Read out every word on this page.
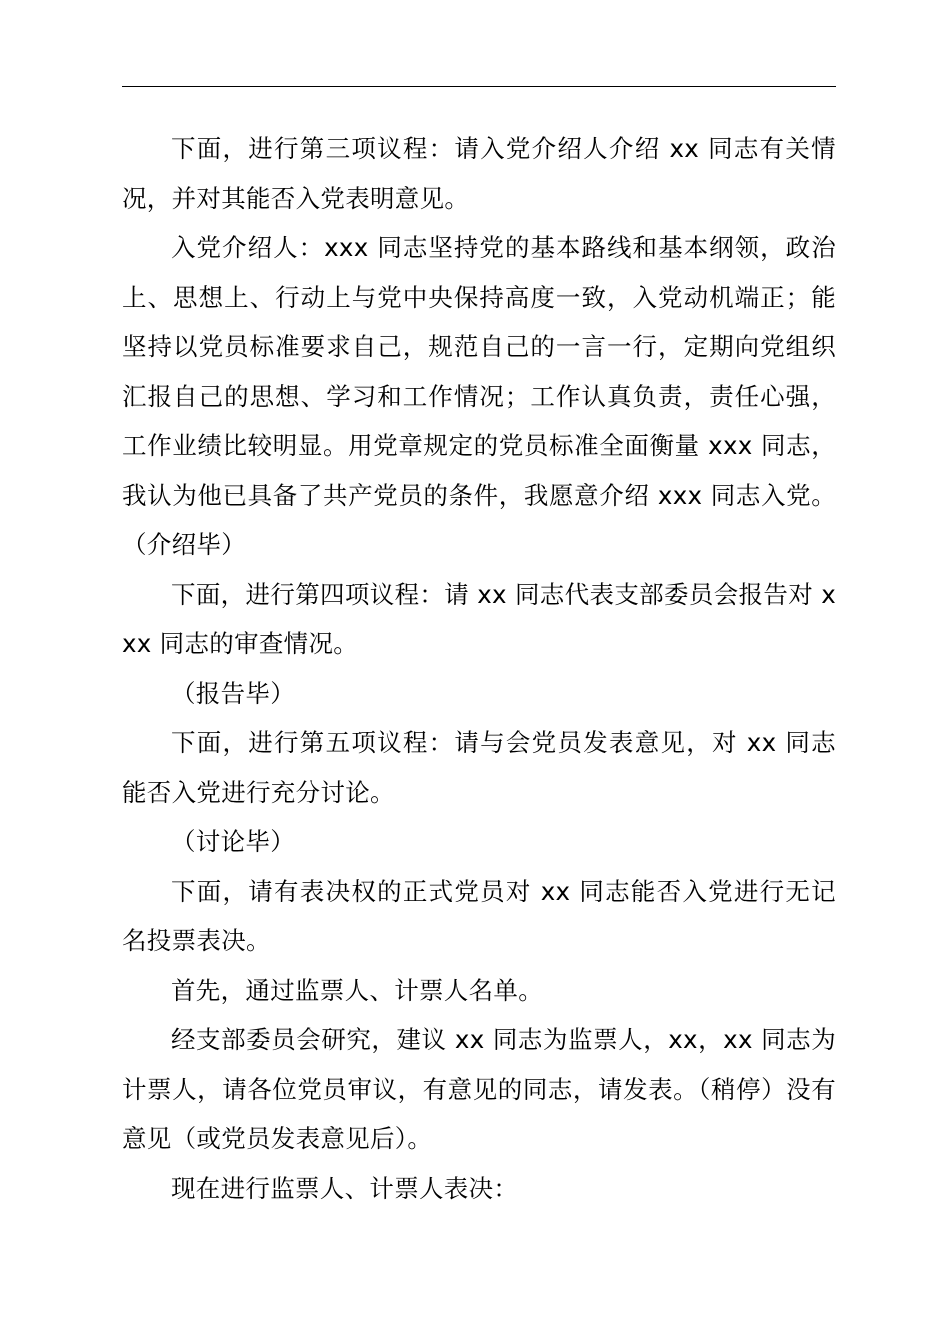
下面，进行第三项议程：请入党介绍人介绍 xx 同志有关情况，并对其能否入党表明意见。

入党介绍人：xxx 同志坚持党的基本路线和基本纲领，政治上、思想上、行动上与党中央保持高度一致，入党动机端正；能坚持以党员标准要求自己，规范自己的一言一行，定期向党组织汇报自己的思想、学习和工作情况；工作认真负责，责任心强，工作业绩比较明显。用党章规定的党员标准全面衡量 xxx 同志，我认为他已具备了共产党员的条件，我愿意介绍 xxx 同志入党。（介绍毕）

下面，进行第四项议程：请 xx 同志代表支部委员会报告对 xxx 同志的审查情况。

（报告毕）

下面，进行第五项议程：请与会党员发表意见，对 xx 同志能否入党进行充分讨论。

（讨论毕）

下面，请有表决权的正式党员对 xx 同志能否入党进行无记名投票表决。

首先，通过监票人、计票人名单。

经支部委员会研究，建议 xx 同志为监票人，xx，xx 同志为计票人，请各位党员审议，有意见的同志，请发表。（稍停）没有意见（或党员发表意见后）。

现在进行监票人、计票人表决：
